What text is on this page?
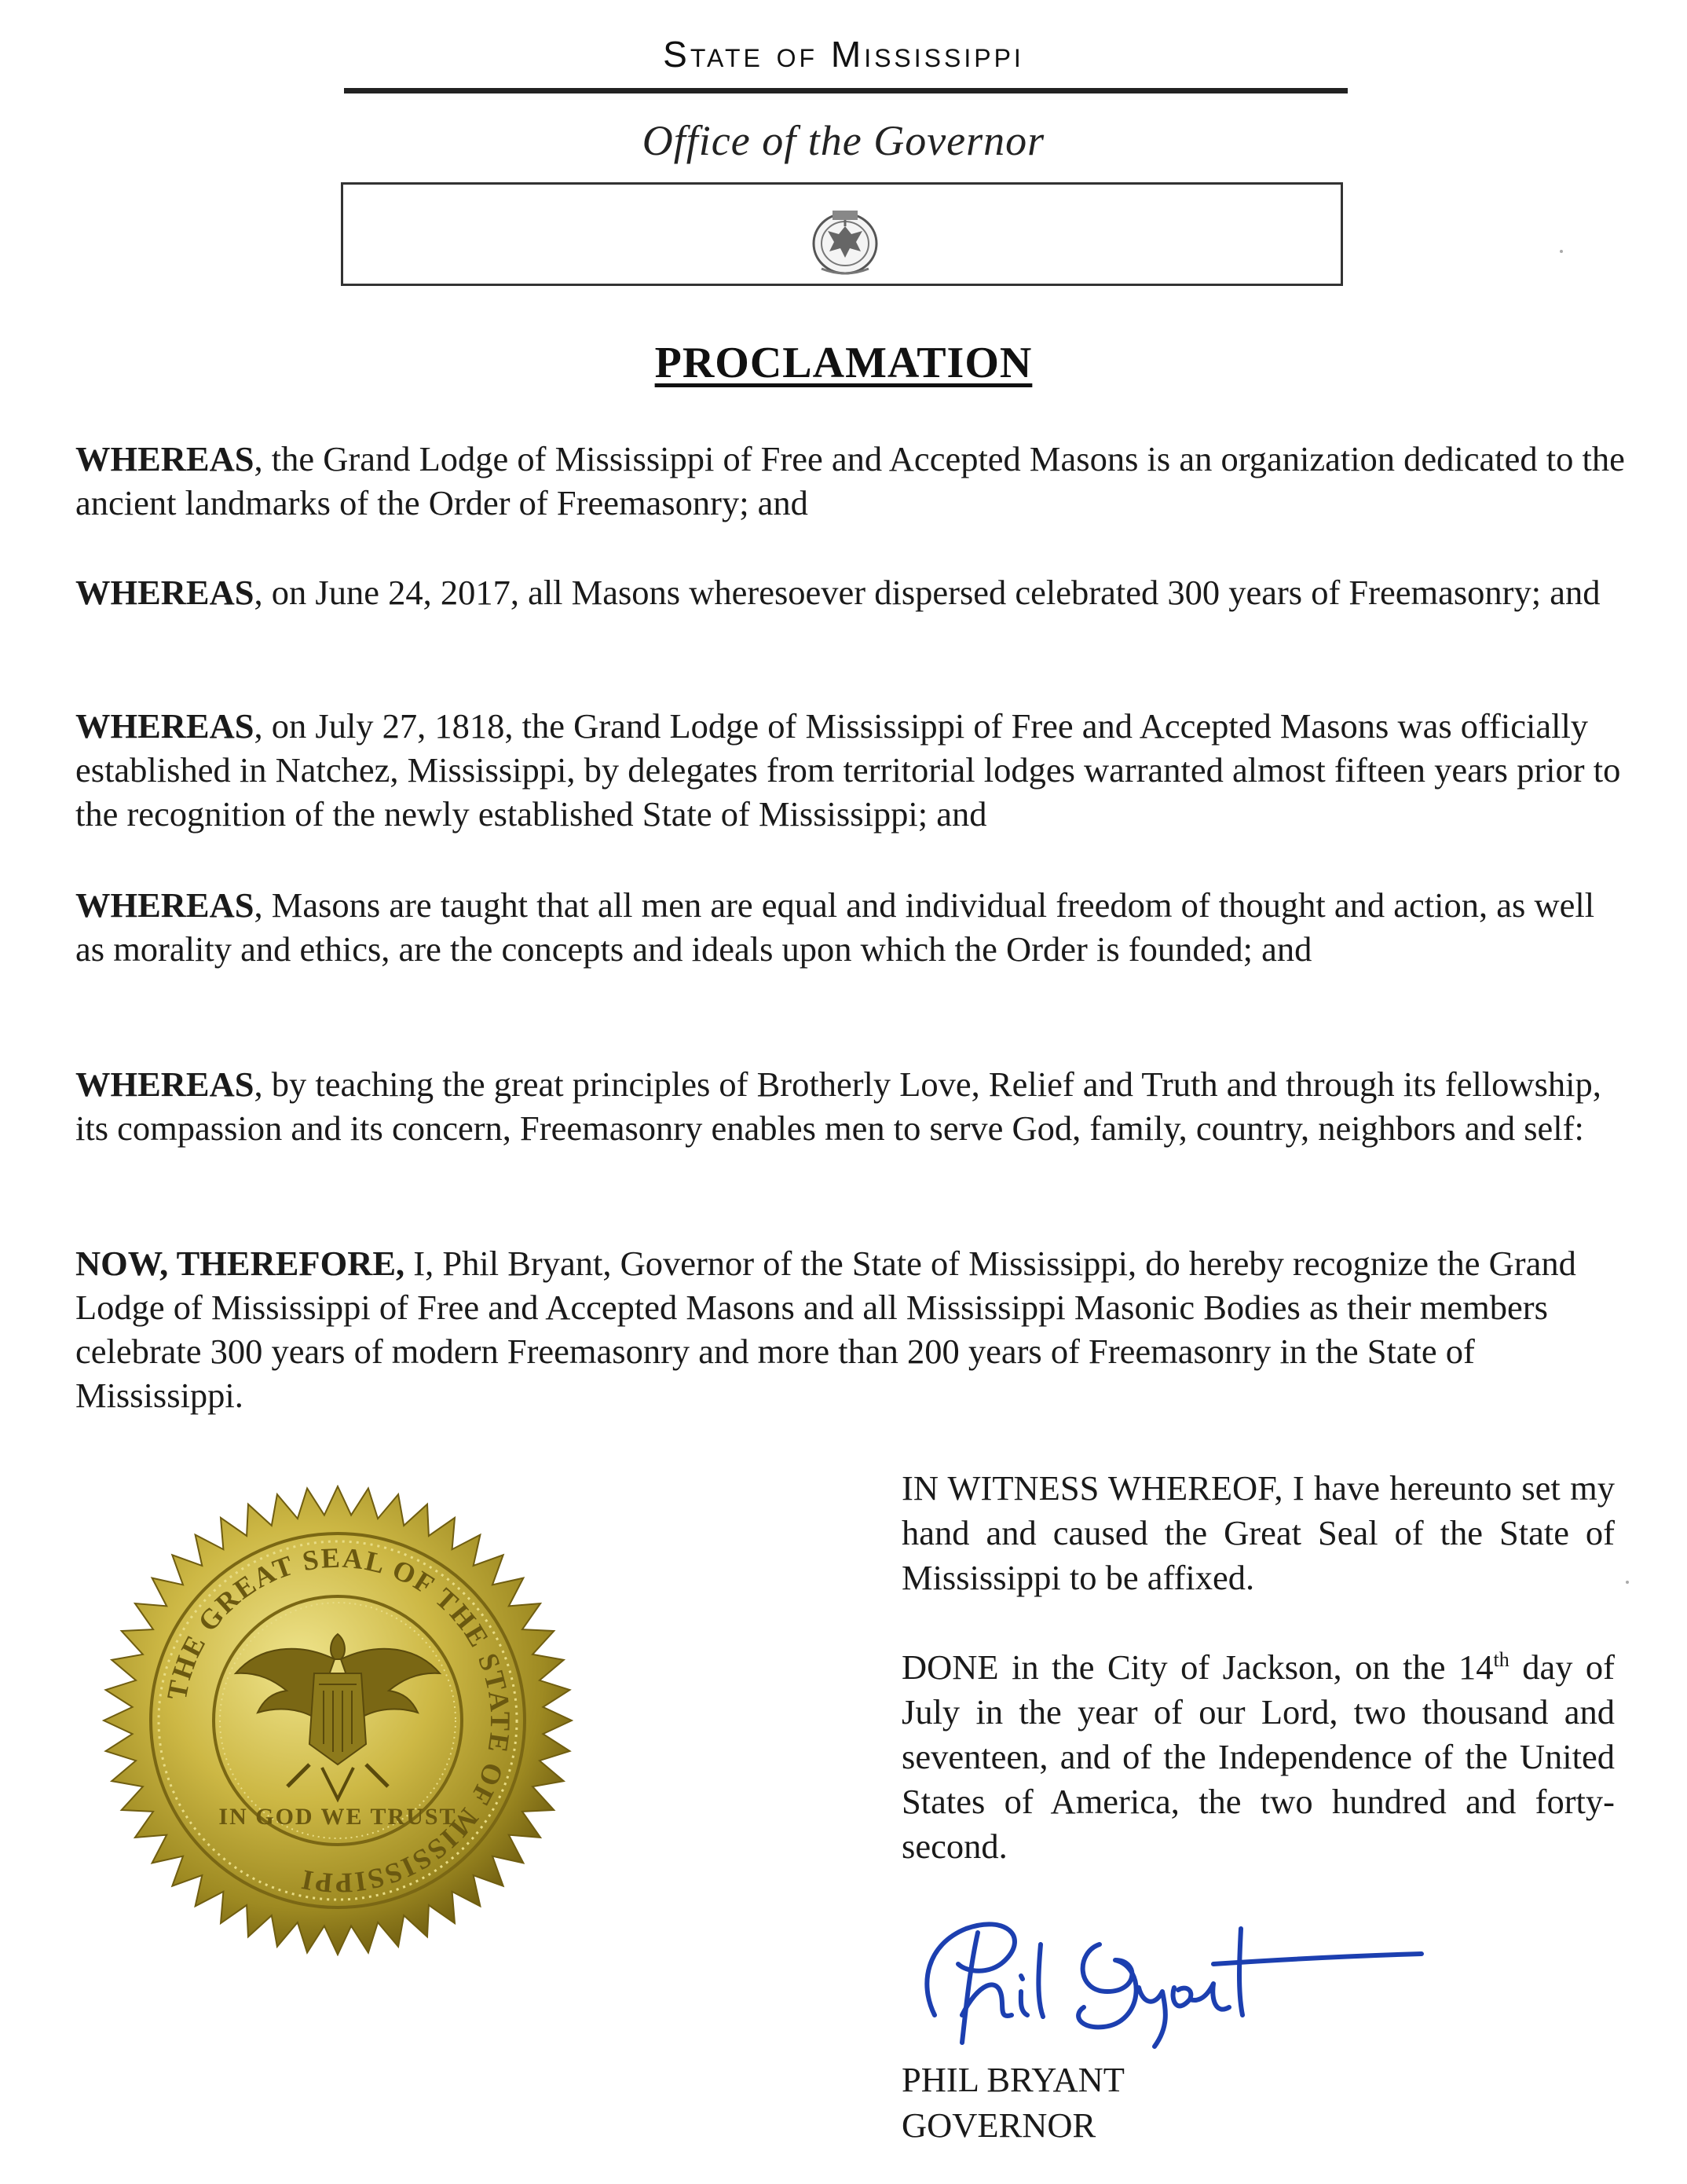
State of Mississippi
Office of the Governor
PROCLAMATION

WHEREAS, the Grand Lodge of Mississippi of Free and Accepted Masons is an organization dedicated to the ancient landmarks of the Order of Freemasonry; and

WHEREAS, on June 24, 2017, all Masons wheresoever dispersed celebrated 300 years of Freemasonry; and

WHEREAS, on July 27, 1818, the Grand Lodge of Mississippi of Free and Accepted Masons was officially established in Natchez, Mississippi, by delegates from territorial lodges warranted almost fifteen years prior to the recognition of the newly established State of Mississippi; and

WHEREAS, Masons are taught that all men are equal and individual freedom of thought and action, as well as morality and ethics, are the concepts and ideals upon which the Order is founded; and

WHEREAS, by teaching the great principles of Brotherly Love, Relief and Truth and through its fellowship, its compassion and its concern, Freemasonry enables men to serve God, family, country, neighbors and self:

NOW, THEREFORE, I, Phil Bryant, Governor of the State of Mississippi, do hereby recognize the Grand Lodge of Mississippi of Free and Accepted Masons and all Mississippi Masonic Bodies as their members celebrate 300 years of modern Freemasonry and more than 200 years of Freemasonry in the State of Mississippi.

IN WITNESS WHEREOF, I have hereunto set my hand and caused the Great Seal of the State of Mississippi to be affixed.

DONE in the City of Jackson, on the 14th day of July in the year of our Lord, two thousand and seventeen, and of the Independence of the United States of America, the two hundred and forty-second.

THE GREAT SEAL OF THE STATE OF MISSISSIPPI
IN GOD WE TRUST

PHIL BRYANT
GOVERNOR
